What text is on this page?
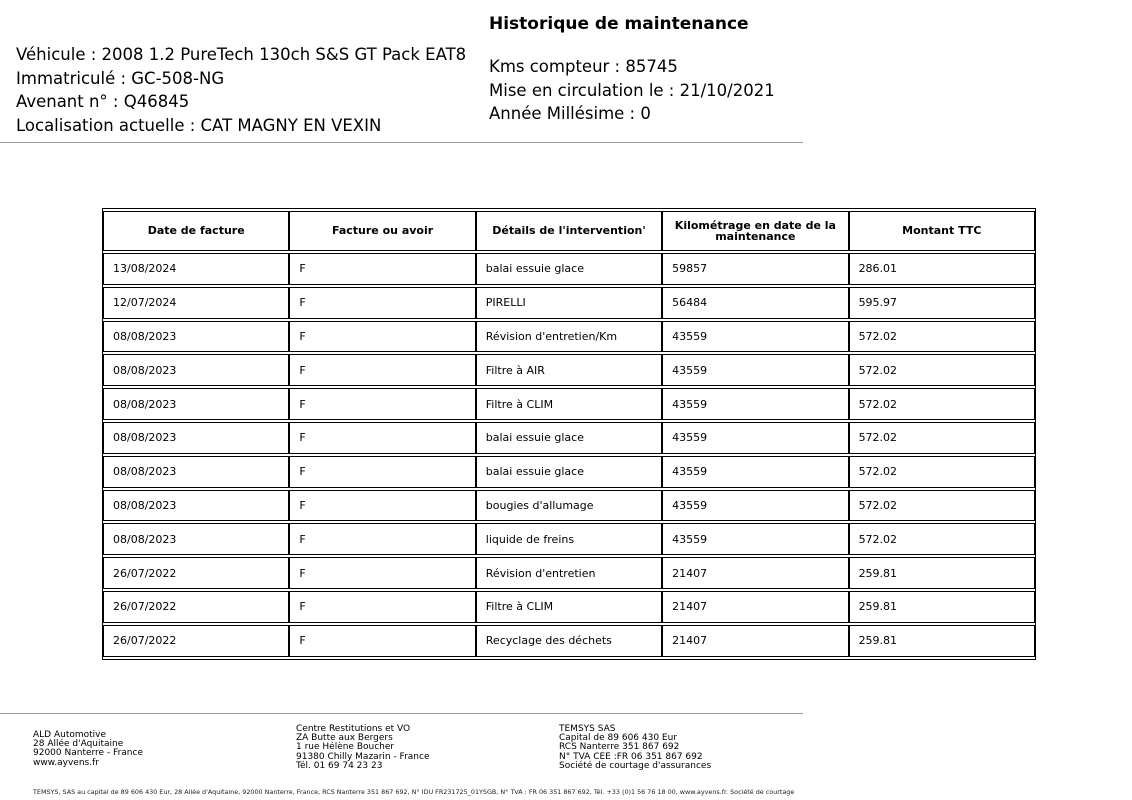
Historique de maintenance
Véhicule : 2008 1.2 PureTech 130ch S&S GT Pack EAT8
Immatriculé : GC-508-NG
Avenant n° : Q46845
Localisation actuelle : CAT MAGNY EN VEXIN
Kms compteur : 85745
Mise en circulation le : 21/10/2021
Année Millésime : 0
Date de facture	Facture ou avoir	Détails de l'intervention'	Kilométrage en date de la maintenance	Montant TTC
13/08/2024	F	balai essuie glace	59857	286.01
12/07/2024	F	PIRELLI	56484	595.97
08/08/2023	F	Révision d'entretien/Km	43559	572.02
08/08/2023	F	Filtre à AIR	43559	572.02
08/08/2023	F	Filtre à CLIM	43559	572.02
08/08/2023	F	balai essuie glace	43559	572.02
08/08/2023	F	balai essuie glace	43559	572.02
08/08/2023	F	bougies d'allumage	43559	572.02
08/08/2023	F	liquide de freins	43559	572.02
26/07/2022	F	Révision d'entretien	21407	259.81
26/07/2022	F	Filtre à CLIM	21407	259.81
26/07/2022	F	Recyclage des déchets	21407	259.81
ALD Automotive
28 Allée d'Aquitaine
92000 Nanterre - France
www.ayvens.fr
Centre Restitutions et VO
ZA Butte aux Bergers
1 rue Hélène Boucher
91380 Chilly Mazarin - France
Tél. 01 69 74 23 23
TEMSYS SAS
Capital de 89 606 430 Eur
RCS Nanterre 351 867 692
N° TVA CEE :FR 06 351 867 692
Société de courtage d'assurances
TEMSYS, SAS au capital de 89 606 430 Eur, 28 Allée d'Aquitaine, 92000 Nanterre, France, RCS Nanterre 351 867 692, N° IDU FR231725_01YSGB, N° TVA : FR 06 351 867 692, Tél. +33 (0)1 56 76 18 00, www.ayvens.fr. Société de courtage
